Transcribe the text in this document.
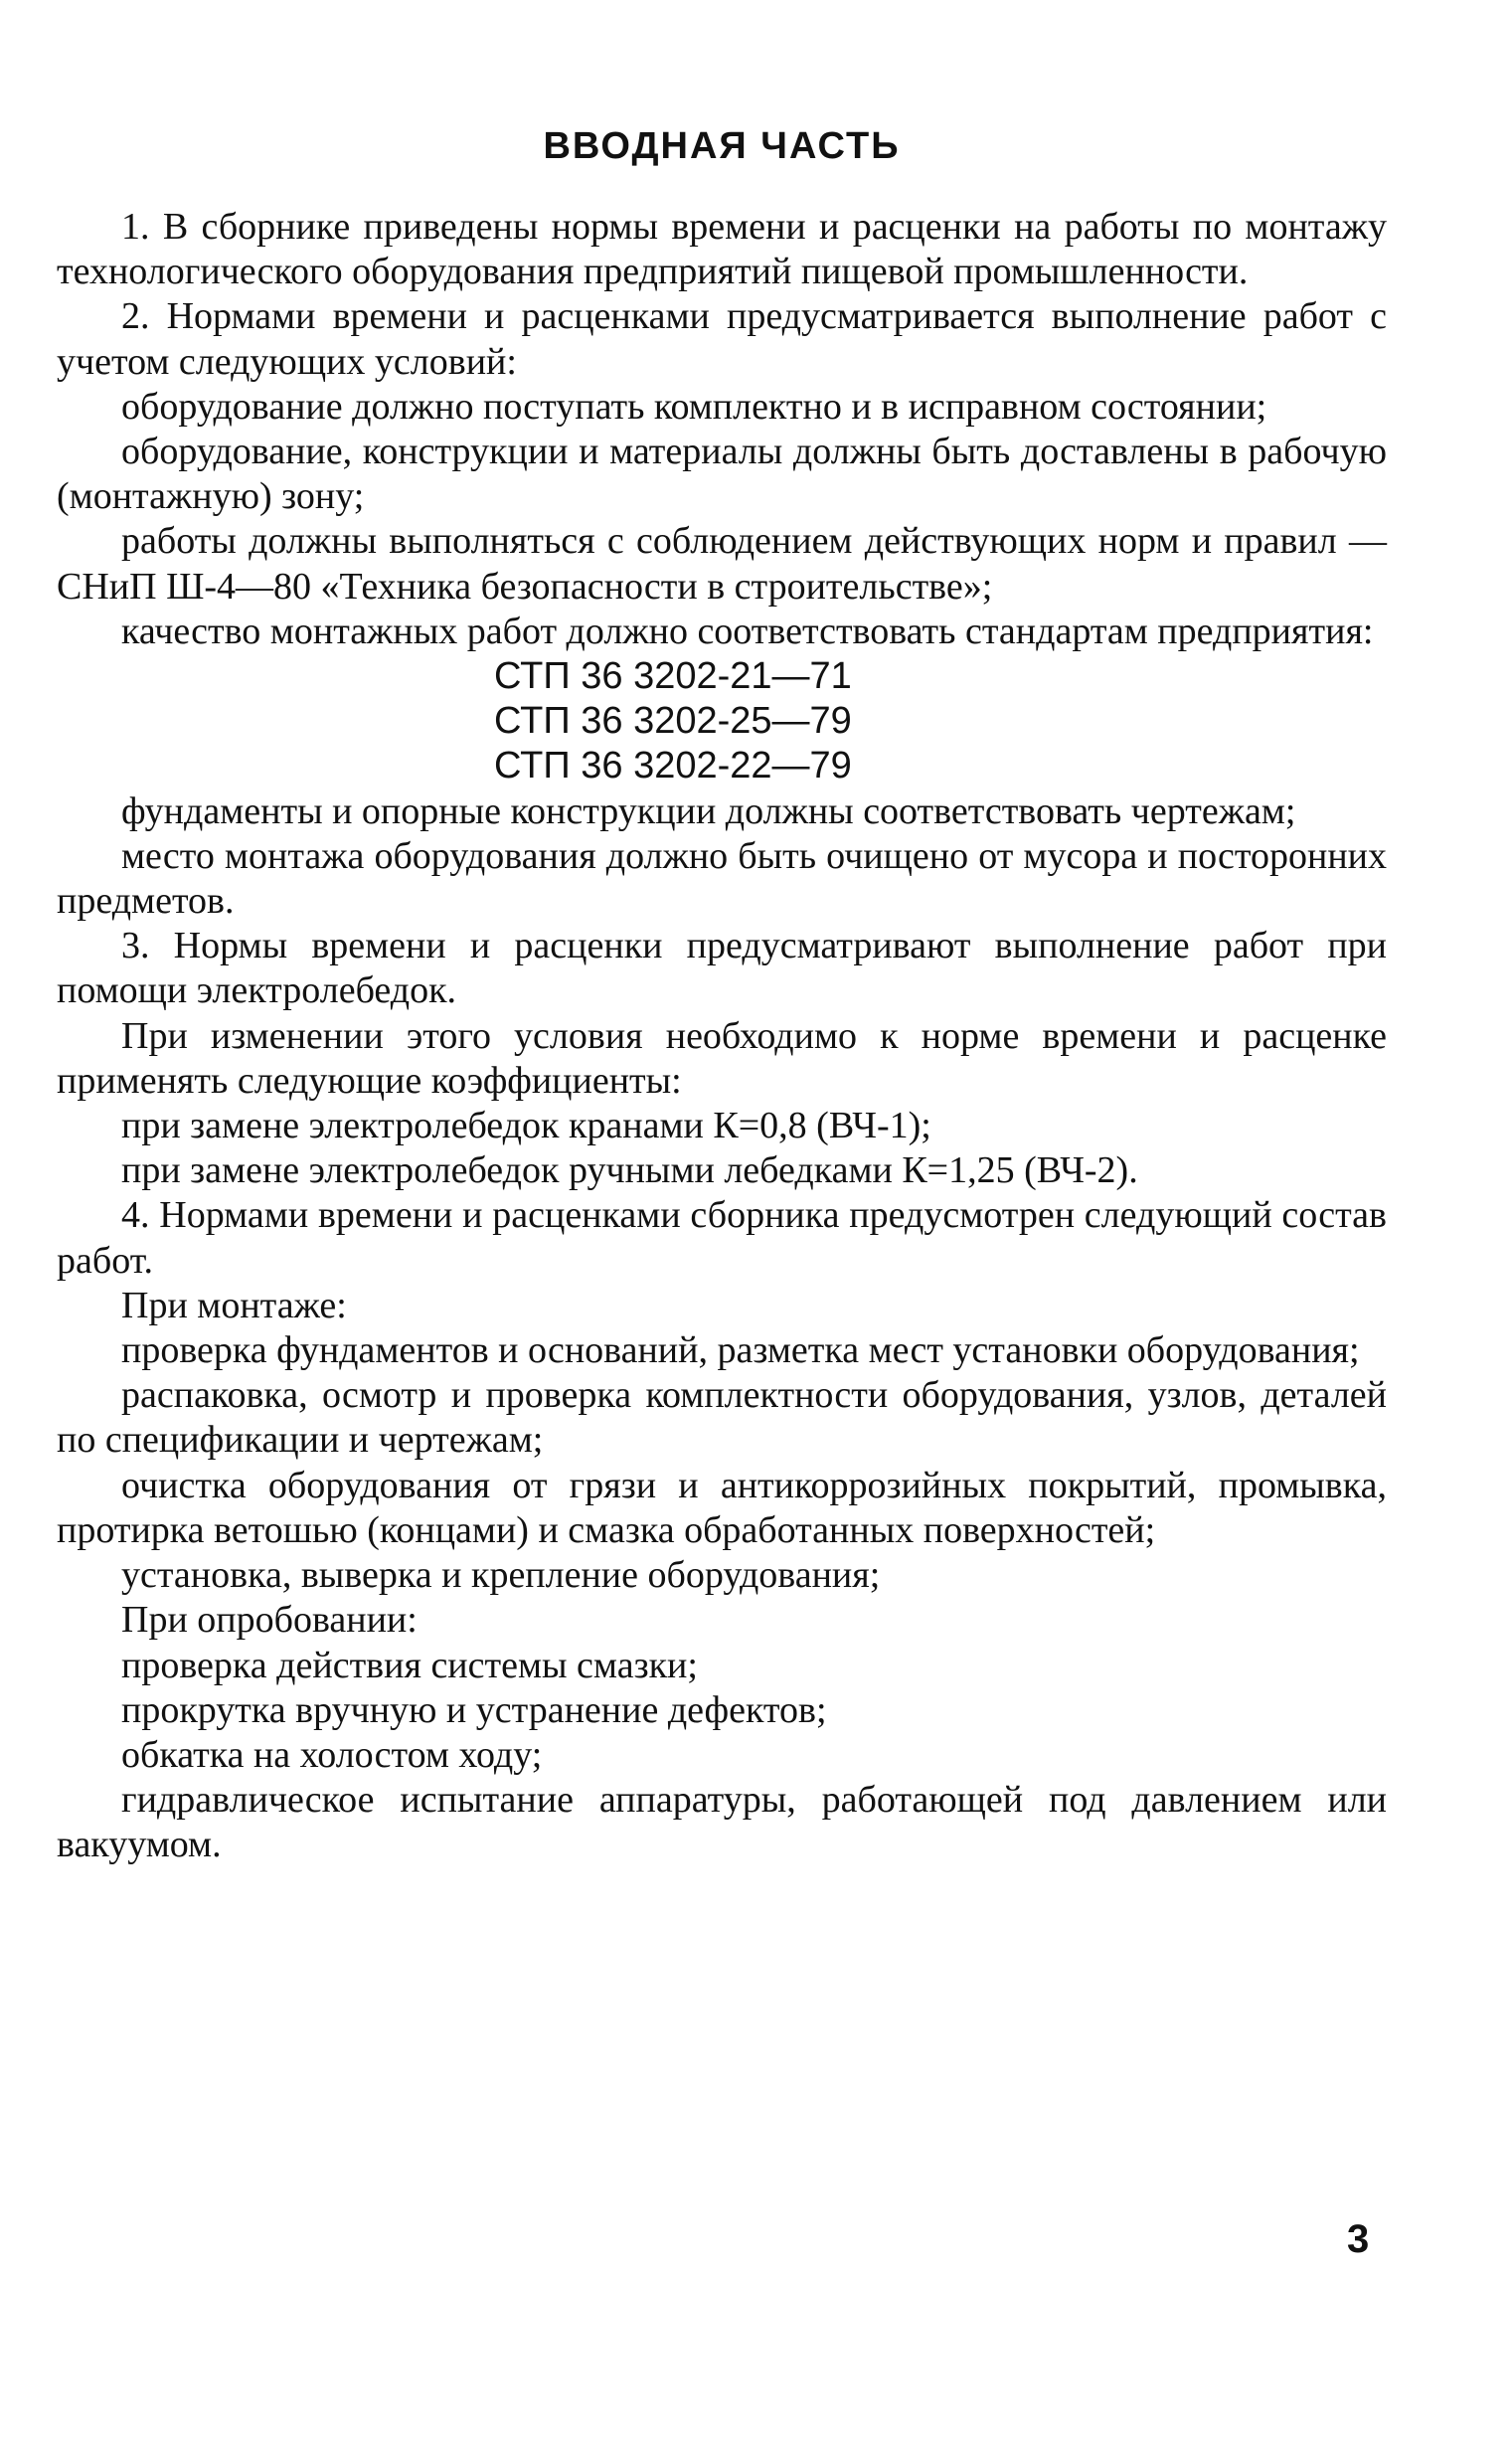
ВВОДНАЯ ЧАСТЬ

1. В сборнике приведены нормы времени и расценки на работы по монтажу технологического оборудования предприятий пищевой промышленности.

2. Нормами времени и расценками предусматривается выполнение работ с учетом следующих условий:

оборудование должно поступать комплектно и в исправном состоянии;

оборудование, конструкции и материалы должны быть доставлены в рабочую (монтажную) зону;

работы должны выполняться с соблюдением действующих норм и правил — СНиП Ш-4—80 «Техника безопасности в строительстве»;

качество монтажных работ должно соответствовать стандартам предприятия:

СТП 36 3202-21—71
СТП 36 3202-25—79
СТП 36 3202-22—79

фундаменты и опорные конструкции должны соответствовать чертежам;

место монтажа оборудования должно быть очищено от мусора и посторонних предметов.

3. Нормы времени и расценки предусматривают выполнение работ при помощи электролебедок.

При изменении этого условия необходимо к норме времени и расценке применять следующие коэффициенты:

при замене электролебедок кранами К=0,8 (ВЧ-1);

при замене электролебедок ручными лебедками К=1,25 (ВЧ-2).

4. Нормами времени и расценками сборника предусмотрен следующий состав работ.

При монтаже:

проверка фундаментов и оснований, разметка мест установки оборудования;

распаковка, осмотр и проверка комплектности оборудования, узлов, деталей по спецификации и чертежам;

очистка оборудования от грязи и антикоррозийных покрытий, промывка, протирка ветошью (концами) и смазка обработанных поверхностей;

установка, выверка и крепление оборудования;

При опробовании:

проверка действия системы смазки;

прокрутка вручную и устранение дефектов;

обкатка на холостом ходу;

гидравлическое испытание аппаратуры, работающей под давлением или вакуумом.

3
